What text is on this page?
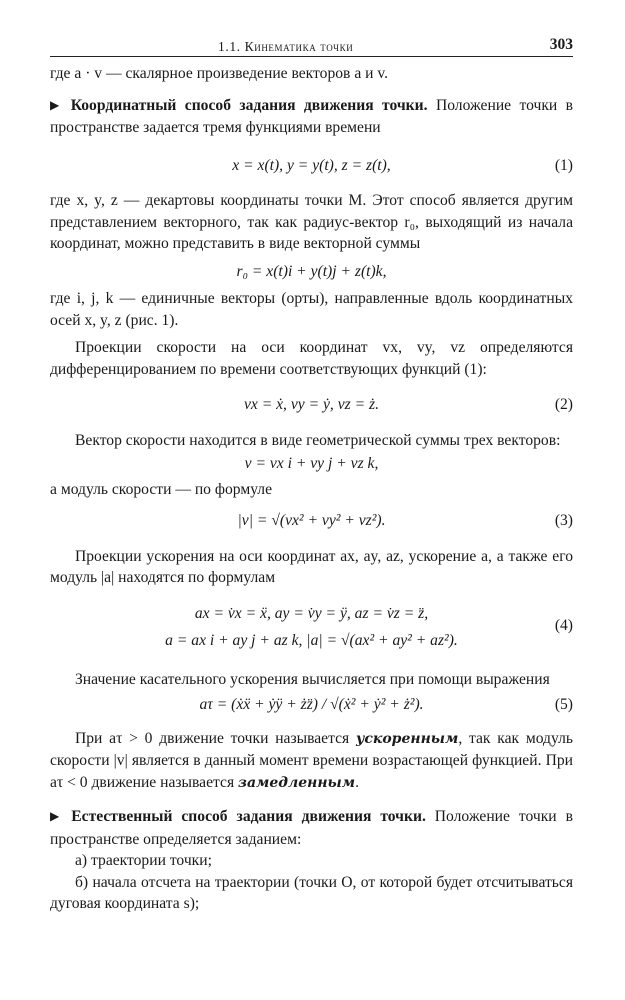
1.1. Кинематика точки	303

где a · v — скалярное произведение векторов a и v.

▶ Координатный способ задания движения точки. Положение точки в пространстве задается тремя функциями времени

x = x(t), y = y(t), z = z(t),	(1)

где x, y, z — декартовы координаты точки M. Этот способ является другим представлением векторного, так как радиус-вектор r₀, выходящий из начала координат, можно представить в виде векторной суммы

r₀ = x(t)i + y(t)j + z(t)k,

где i, j, k — единичные векторы (орты), направленные вдоль координатных осей x, y, z (рис. 1).

Проекции скорости на оси координат vx, vy, vz определяются дифференцированием по времени соответствующих функций (1):

vx = ẋ, vy = ẏ, vz = ż.	(2)

Вектор скорости находится в виде геометрической суммы трех векторов:

v = vx i + vy j + vz k,

а модуль скорости — по формуле

|v| = √(vx² + vy² + vz²).	(3)

Проекции ускорения на оси координат ax, ay, az, ускорение a, а также его модуль |a| находятся по формулам

ax = v̇x = ẍ, ay = v̇y = ÿ, az = v̇z = z̈,
a = ax i + ay j + az k, |a| = √(ax² + ay² + az²).
(4)

Значение касательного ускорения вычисляется при помощи выражения

aτ = (ẋẍ + ẏÿ + żz̈) / √(ẋ² + ẏ² + ż²).	(5)

При aτ > 0 движение точки называется ускоренным, так как модуль скорости |v| является в данный момент времени возрастающей функцией. При aτ < 0 движение называется замедленным.

▶ Естественный способ задания движения точки. Положение точки в пространстве определяется заданием:

а) траектории точки;

б) начала отсчета на траектории (точки O, от которой будет отсчитываться дуговая координата s);
